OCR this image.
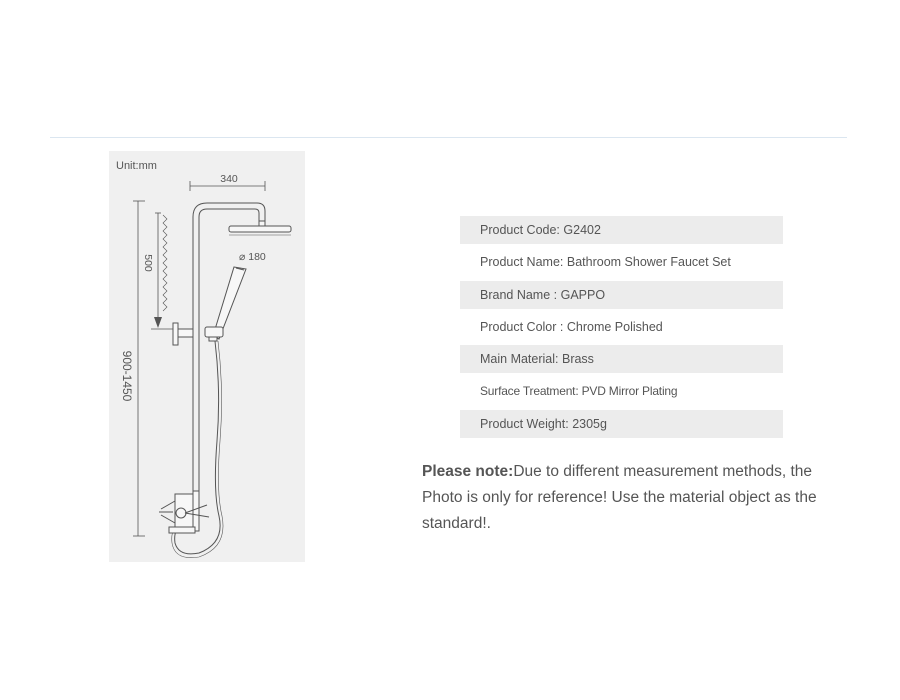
Unit:mm
340
900-1450
500	⌀ 180
Product Code: G2402
Product Name: Bathroom Shower Faucet Set
Brand Name : GAPPO
Product Color : Chrome Polished
Main Material: Brass
Surface Treatment: PVD Mirror Plating
Product Weight: 2305g
Please note:Due to different measurement methods, the Photo is only for reference! Use the material object as the standard!.
